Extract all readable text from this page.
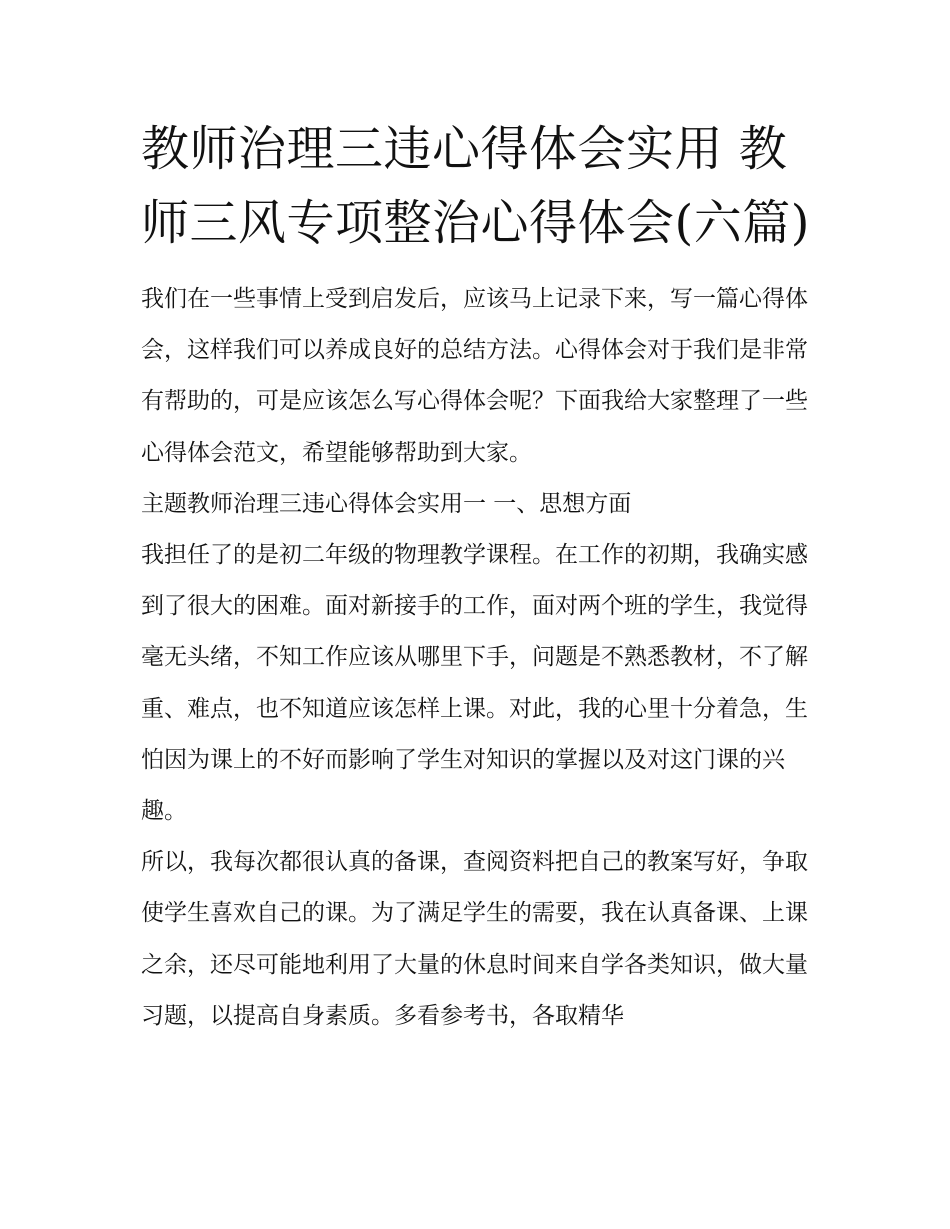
教师治理三违心得体会实用 教师三风专项整治心得体会(六篇)

我们在一些事情上受到启发后，应该马上记录下来，写一篇心得体会，这样我们可以养成良好的总结方法。心得体会对于我们是非常有帮助的，可是应该怎么写心得体会呢？下面我给大家整理了一些心得体会范文，希望能够帮助到大家。

主题教师治理三违心得体会实用一 一、思想方面

我担任了的是初二年级的物理教学课程。在工作的初期，我确实感到了很大的困难。面对新接手的工作，面对两个班的学生，我觉得毫无头绪，不知工作应该从哪里下手，问题是不熟悉教材，不了解重、难点，也不知道应该怎样上课。对此，我的心里十分着急，生怕因为课上的不好而影响了学生对知识的掌握以及对这门课的兴趣。

所以，我每次都很认真的备课，查阅资料把自己的教案写好，争取使学生喜欢自己的课。为了满足学生的需要，我在认真备课、上课之余，还尽可能地利用了大量的休息时间来自学各类知识，做大量习题，以提高自身素质。多看参考书，各取精华
